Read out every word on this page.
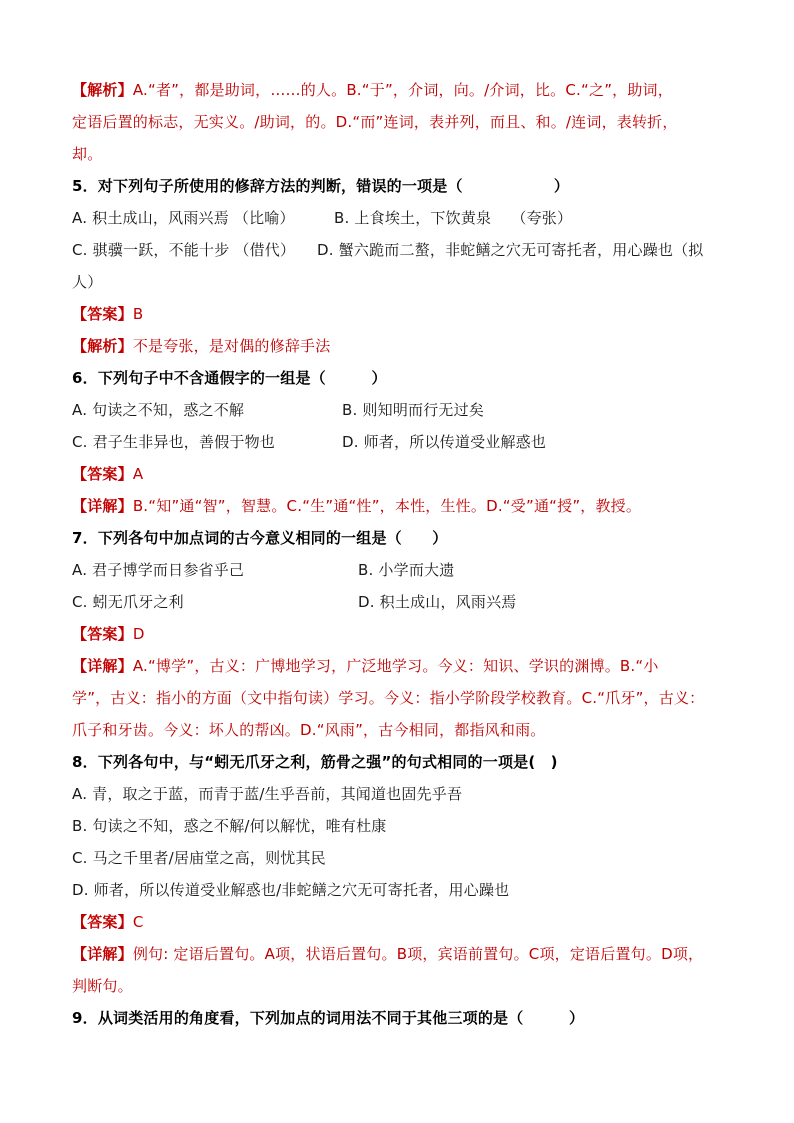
【解析】A.“者”，都是助词，……的人。B.“于”，介词，向。/介词，比。C.“之”，助词，
定语后置的标志，无实义。/助词，的。D.“而”连词，表并列，而且、和。/连词，表转折，
却。
5．对下列句子所使用的修辞方法的判断，错误的一项是（　　　　　　）
A. 积土成山，风雨兴焉 （比喻）	B. 上食埃土，下饮黄泉　 （夸张）
C. 骐骥一跃，不能十步 （借代）	D. 蟹六跪而二螯，非蛇鳝之穴无可寄托者，用心躁也（拟
人）
【答案】B
【解析】不是夸张，是对偶的修辞手法
6．下列句子中不含通假字的一组是（　　　）
A. 句读之不知，惑之不解	B. 则知明而行无过矣
C. 君子生非异也，善假于物也	D. 师者，所以传道受业解惑也
【答案】A
【详解】B.“知”通“智”，智慧。C.“生”通“性”，本性，生性。D.“受”通“授”，教授。
7．下列各句中加点词的古今意义相同的一组是（　　）
A. 君子博学而日参省乎己	B. 小学而大遗
C. 蚓无爪牙之利	D. 积土成山，风雨兴焉
【答案】D
【详解】A.“博学”，古义：广博地学习，广泛地学习。今义：知识、学识的渊博。B.“小
学”，古义：指小的方面（文中指句读）学习。今义：指小学阶段学校教育。C.“爪牙”，古义：
爪子和牙齿。今义：坏人的帮凶。D.“风雨”，古今相同，都指风和雨。
8．下列各句中，与“蚓无爪牙之利，筋骨之强”的句式相同的一项是(　)
A. 青，取之于蓝，而青于蓝/生乎吾前，其闻道也固先乎吾
B. 句读之不知，惑之不解/何以解忧，唯有杜康
C. 马之千里者/居庙堂之高，则忧其民
D. 师者，所以传道受业解惑也/非蛇鳝之穴无可寄托者，用心躁也
【答案】C
【详解】例句: 定语后置句。A项，状语后置句。B项，宾语前置句。C项，定语后置句。D项，
判断句。
9．从词类活用的角度看，下列加点的词用法不同于其他三项的是（　　　）
